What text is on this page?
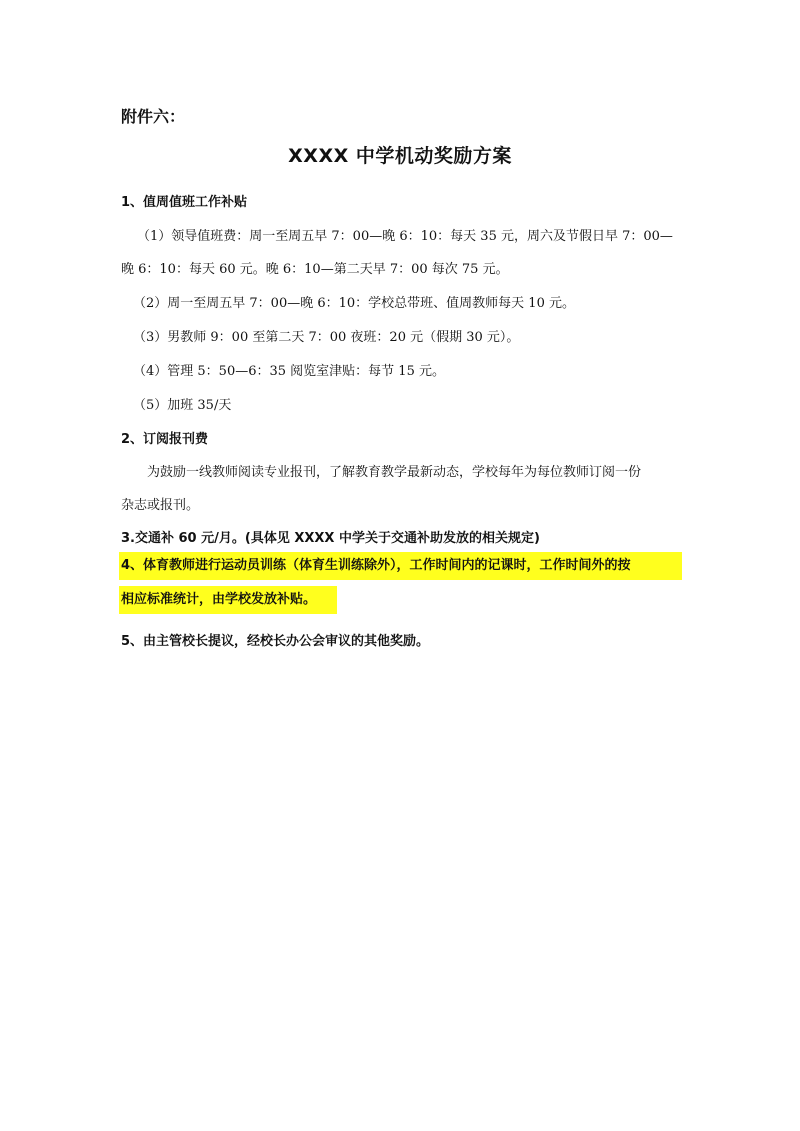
附件六：
XXXX 中学机动奖励方案
1、值周值班工作补贴
（1）领导值班费：周一至周五早 7：00—晚 6：10：每天 35 元，周六及节假日早 7：00—
晚 6：10：每天 60 元。晚 6：10—第二天早 7：00 每次 75 元。
（2）周一至周五早 7：00—晚 6：10：学校总带班、值周教师每天 10 元。
（3）男教师 9：00 至第二天 7：00 夜班：20 元（假期 30 元）。
（4）管理 5：50—6：35 阅览室津贴：每节 15 元。
（5）加班 35/天
2、订阅报刊费
为鼓励一线教师阅读专业报刊，了解教育教学最新动态，学校每年为每位教师订阅一份
杂志或报刊。
3.交通补 60 元/月。(具体见 XXXX 中学关于交通补助发放的相关规定)
4、体育教师进行运动员训练（体育生训练除外），工作时间内的记课时，工作时间外的按
相应标准统计，由学校发放补贴。
5、由主管校长提议，经校长办公会审议的其他奖励。
